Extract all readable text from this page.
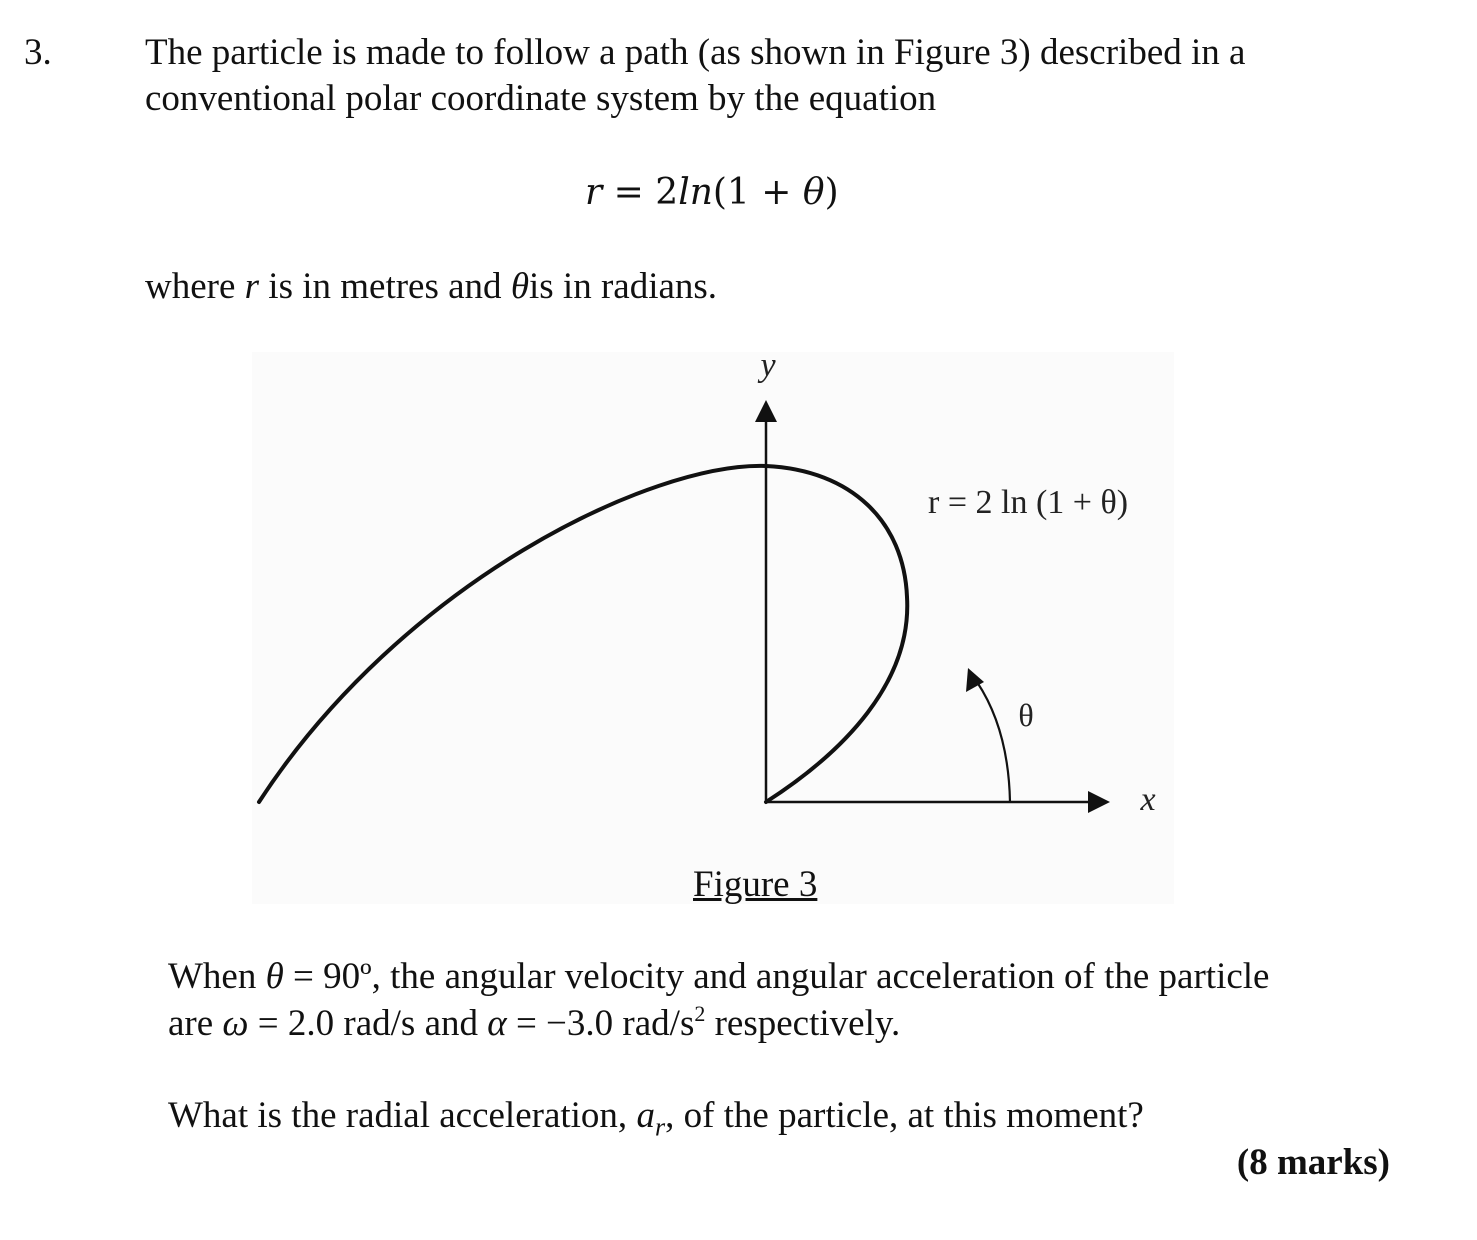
3.	The particle is made to follow a path (as shown in Figure 3) described in a
conventional polar coordinate system by the equation
r = 2ln(1 + θ)
where r is in metres and θis in radians.
y
x
r = 2 ln (1 + θ)
θ
Figure 3
When θ = 90º, the angular velocity and angular acceleration of the particle
are ω = 2.0 rad/s and α = −3.0 rad/$s^2$ respectively.
What is the radial acceleration, $a_r$, of the particle, at this moment?
(8 marks)
